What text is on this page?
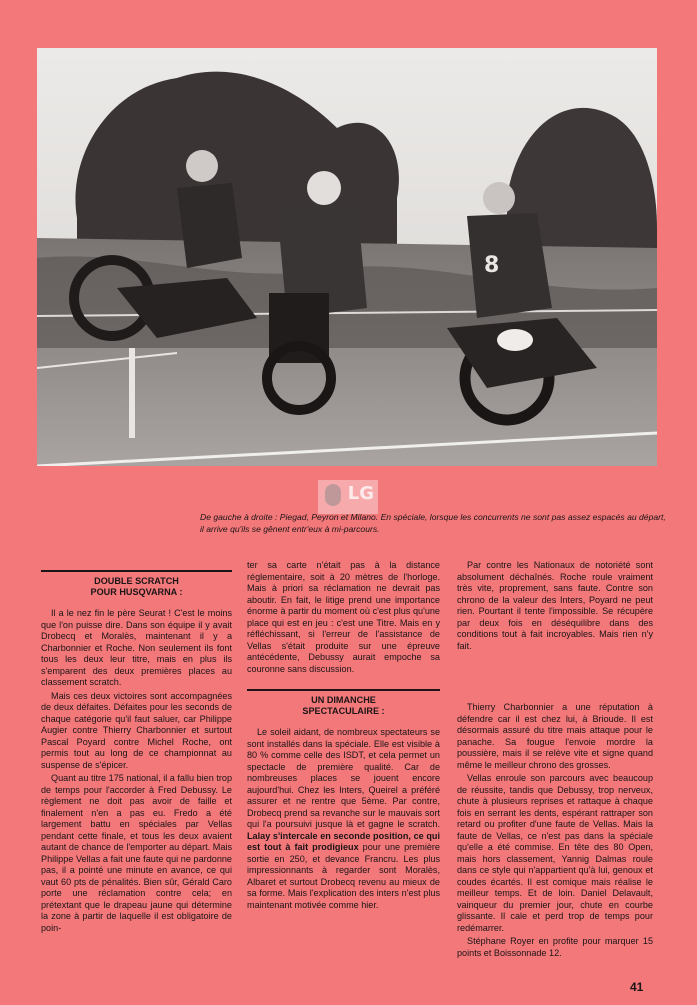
8
LG
De gauche à droite : Piegad, Peyron et Milano. En spéciale, lorsque les concurrents ne sont pas assez espacés au départ, il arrive qu'ils se gênent entr'eux à mi-parcours.
DOUBLE SCRATCH
POUR HUSQVARNA :

Il a le nez fin le père Seurat ! C'est le moins que l'on puisse dire. Dans son équipe il y avait Drobecq et Moralès, maintenant il y a Charbonnier et Roche. Non seulement ils font tous les deux leur titre, mais en plus ils s'emparent des deux premières places au classement scratch.

Mais ces deux victoires sont accompagnées de deux défaites. Défaites pour les seconds de chaque catégorie qu'il faut saluer, car Philippe Augier contre Thierry Charbonnier et surtout Pascal Poyard contre Michel Roche, ont permis tout au long de ce championnat au suspense de s'épicer.

Quant au titre 175 national, il a fallu bien trop de temps pour l'accorder à Fred Debussy. Le règlement ne doit pas avoir de faille et finalement n'en a pas eu. Fredo a été largement battu en spéciales par Vellas pendant cette finale, et tous les deux avaient autant de chance de l'emporter au départ. Mais Philippe Vellas a fait une faute qui ne pardonne pas, il a pointé une minute en avance, ce qui vaut 60 pts de pénalités. Bien sûr, Gérald Caro porte une réclamation contre cela; en prétextant que le drapeau jaune qui détermine la zone à partir de laquelle il est obligatoire de poin-

ter sa carte n'était pas à la distance réglementaire, soit à 20 mètres de l'horloge. Mais à priori sa réclamation ne devrait pas aboutir. En fait, le litige prend une importance énorme à partir du moment où c'est plus qu'une place qui est en jeu : c'est une Titre. Mais en y réfléchissant, si l'erreur de l'assistance de Vellas s'était produite sur une épreuve antécédente, Debussy aurait empoche sa couronne sans discussion.

UN DIMANCHE
SPECTACULAIRE :

Le soleil aidant, de nombreux spectateurs se sont installés dans la spéciale. Elle est visible à 80 % comme celle des ISDT, et cela permet un spectacle de première qualité. Car de nombreuses places se jouent encore aujourd'hui. Chez les Inters, Queirel a préféré assurer et ne rentre que 5ème. Par contre, Drobecq prend sa revanche sur le mauvais sort qui l'a poursuivi jusque là et gagne le scratch. Lalay s'intercale en seconde position, ce qui est tout à fait prodigieux pour une première sortie en 250, et devance Francru. Les plus impressionnants à regarder sont Moralès, Albaret et surtout Drobecq revenu au mieux de sa forme. Mais l'explication des inters n'est plus maintenant motivée comme hier.

Par contre les Nationaux de notoriété sont absolument déchaînés. Roche roule vraiment très vite, proprement, sans faute. Contre son chrono de la valeur des Inters, Poyard ne peut rien. Pourtant il tente l'impossible. Se récupère par deux fois en déséquilibre dans des conditions tout à fait incroyables. Mais rien n'y fait.

Thierry Charbonnier a une réputation à défendre car il est chez lui, à Brioude. Il est désormais assuré du titre mais attaque pour le panache. Sa fougue l'envoie mordre la poussière, mais il se relève vite et signe quand même le meilleur chrono des grosses.

Vellas enroule son parcours avec beaucoup de réussite, tandis que Debussy, trop nerveux, chute à plusieurs reprises et rattaque à chaque fois en serrant les dents, espérant rattraper son retard ou profiter d'une faute de Vellas. Mais la faute de Vellas, ce n'est pas dans la spéciale qu'elle a été commise. En tête des 80 Open, mais hors classement, Yannig Dalmas roule dans ce style qui n'appartient qu'à lui, genoux et coudes écartés. Il est comique mais réalise le meilleur temps. Et de loin. Daniel Delavault, vainqueur du premier jour, chute en courbe glissante. Il cale et perd trop de temps pour redémarrer.

Stéphane Royer en profite pour marquer 15 points et Boissonnade 12.

41
